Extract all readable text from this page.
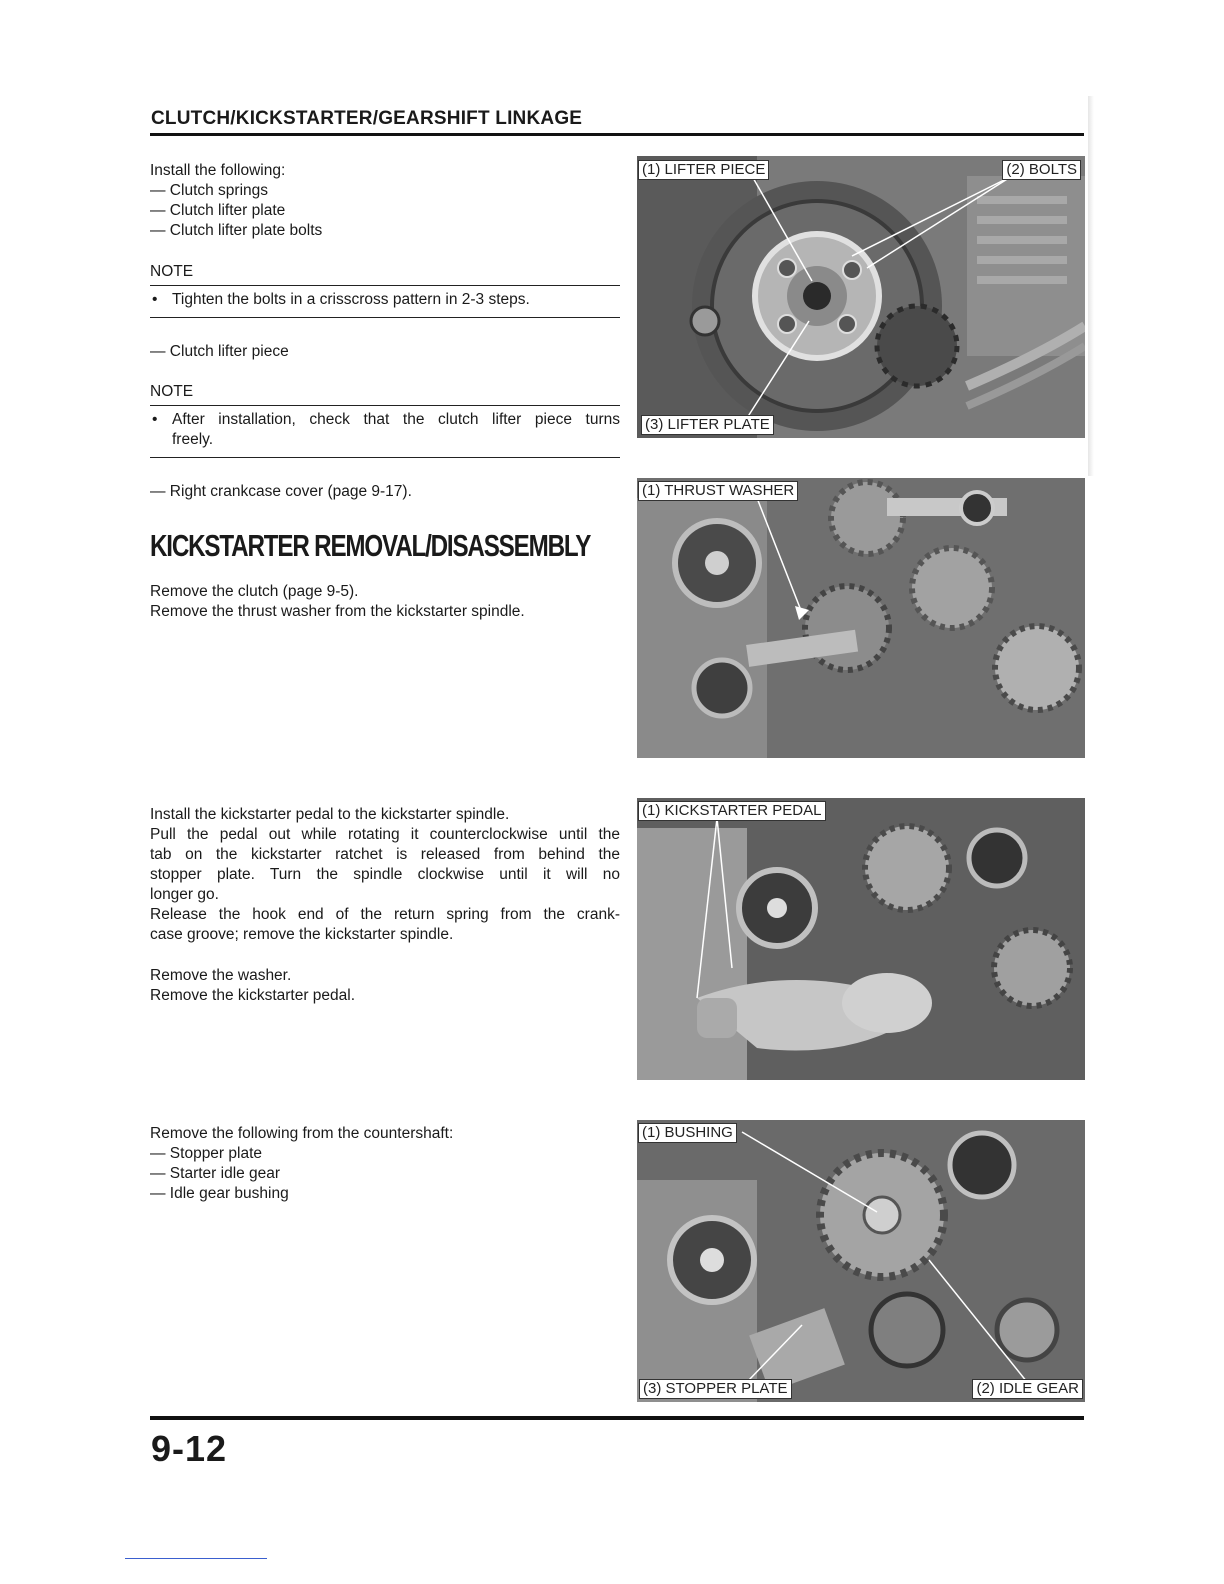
CLUTCH/KICKSTARTER/GEARSHIFT LINKAGE
Install the following:
— Clutch springs
— Clutch lifter plate
— Clutch lifter plate bolts
NOTE
• Tighten the bolts in a crisscross pattern in 2-3 steps.
— Clutch lifter piece
NOTE
• After installation, check that the clutch lifter piece turns
freely.
— Right crankcase cover (page 9-17).
KICKSTARTER REMOVAL/DISASSEMBLY
Remove the clutch (page 9-5).
Remove the thrust washer from the kickstarter spindle.
Install the kickstarter pedal to the kickstarter spindle.
Pull the pedal out while rotating it counterclockwise until the
tab on the kickstarter ratchet is released from behind the
stopper plate. Turn the spindle clockwise until it will no
longer go.
Release the hook end of the return spring from the crank-
case groove; remove the kickstarter spindle.
Remove the washer.
Remove the kickstarter pedal.
Remove the following from the countershaft:
— Stopper plate
— Starter idle gear
— Idle gear bushing
(1) LIFTER PIECE	(2) BOLTS
(3) LIFTER PLATE
(1) THRUST WASHER
(1) KICKSTARTER PEDAL
(1) BUSHING
(2) IDLE GEAR
(3) STOPPER PLATE
9-12
